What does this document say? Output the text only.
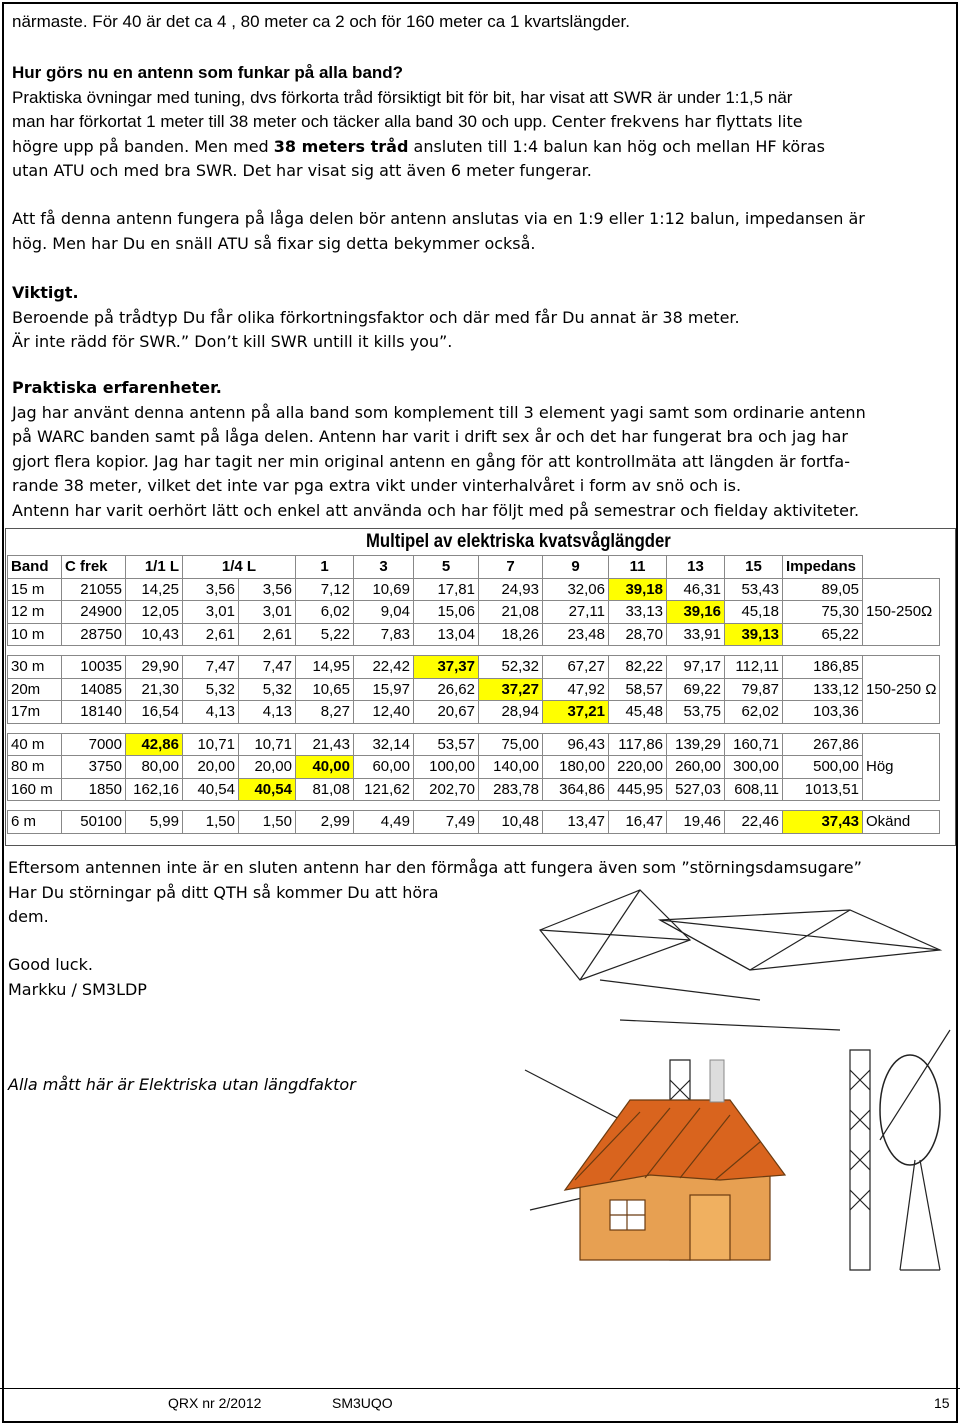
närmaste. För 40 är det ca 4 , 80 meter ca 2 och för 160 meter ca 1 kvartslängder.
Hur görs nu en antenn som funkar på alla band?
Praktiska övningar med tuning, dvs förkorta tråd försiktigt bit för bit, har visat att SWR är under 1:1,5 när
man har förkortat 1 meter till 38 meter och täcker alla band 30 och upp. Center frekvens har flyttats lite
högre upp på banden. Men med 38 meters tråd ansluten till 1:4 balun kan hög och mellan HF köras
utan ATU och med bra SWR. Det har visat sig att även 6 meter fungerar.
Att få denna antenn fungera på låga delen bör antenn anslutas via en 1:9 eller 1:12 balun, impedansen är
hög. Men har Du en snäll ATU så fixar sig detta bekymmer också.
Viktigt.
Beroende på trådtyp Du får olika förkortningsfaktor och där med får Du annat är 38 meter.
Är inte rädd för SWR.” Don’t kill SWR untill it kills you”.
Praktiska erfarenheter.
Jag har använt denna antenn på alla band som komplement till 3 element yagi samt som ordinarie antenn
på WARC banden samt på låga delen. Antenn har varit i drift sex år och det har fungerat bra och jag har
gjort flera kopior. Jag har tagit ner min original antenn en gång för att kontrollmäta att längden är fortfa-
rande 38 meter, vilket det inte var pga extra vikt under vinterhalvåret i form av snö och is.
Antenn har varit oerhört lätt och enkel att använda och har följt med på semestrar och fielday aktiviteter.
Multipel av elektriska kvatsvåglängder
Band	C frek	1/1 L	1/4 L		1	3	5	7	9	11	13	15	Impedans	
15 m	21055	14,25	3,56	3,56	7,12	10,69	17,81	24,93	32,06	39,18	46,31	53,43	89,05	150-250Ω
12 m	24900	12,05	3,01	3,01	6,02	9,04	15,06	21,08	27,11	33,13	39,16	45,18	75,30	
10 m	28750	10,43	2,61	2,61	5,22	7,83	13,04	18,26	23,48	28,70	33,91	39,13	65,22	

30 m	10035	29,90	7,47	7,47	14,95	22,42	37,37	52,32	67,27	82,22	97,17	112,11	186,85	150-250 Ω
20m	14085	21,30	5,32	5,32	10,65	15,97	26,62	37,27	47,92	58,57	69,22	79,87	133,12	
17m	18140	16,54	4,13	4,13	8,27	12,40	20,67	28,94	37,21	45,48	53,75	62,02	103,36	

40 m	7000	42,86	10,71	10,71	21,43	32,14	53,57	75,00	96,43	117,86	139,29	160,71	267,86	Hög
80 m	3750	80,00	20,00	20,00	40,00	60,00	100,00	140,00	180,00	220,00	260,00	300,00	500,00	
160 m	1850	162,16	40,54	40,54	81,08	121,62	202,70	283,78	364,86	445,95	527,03	608,11	1013,51	

6 m	50100	5,99	1,50	1,50	2,99	4,49	7,49	10,48	13,47	16,47	19,46	22,46	37,43	Okänd
Eftersom antennen inte är en sluten antenn har den förmåga att fungera även som ”störningsdamsugare”
Har Du störningar på ditt QTH så kommer Du att höra
dem.
Good luck.
Markku / SM3LDP
Alla mått här är Elektriska utan längdfaktor
QRX nr 2/2012	SM3UQO	15
